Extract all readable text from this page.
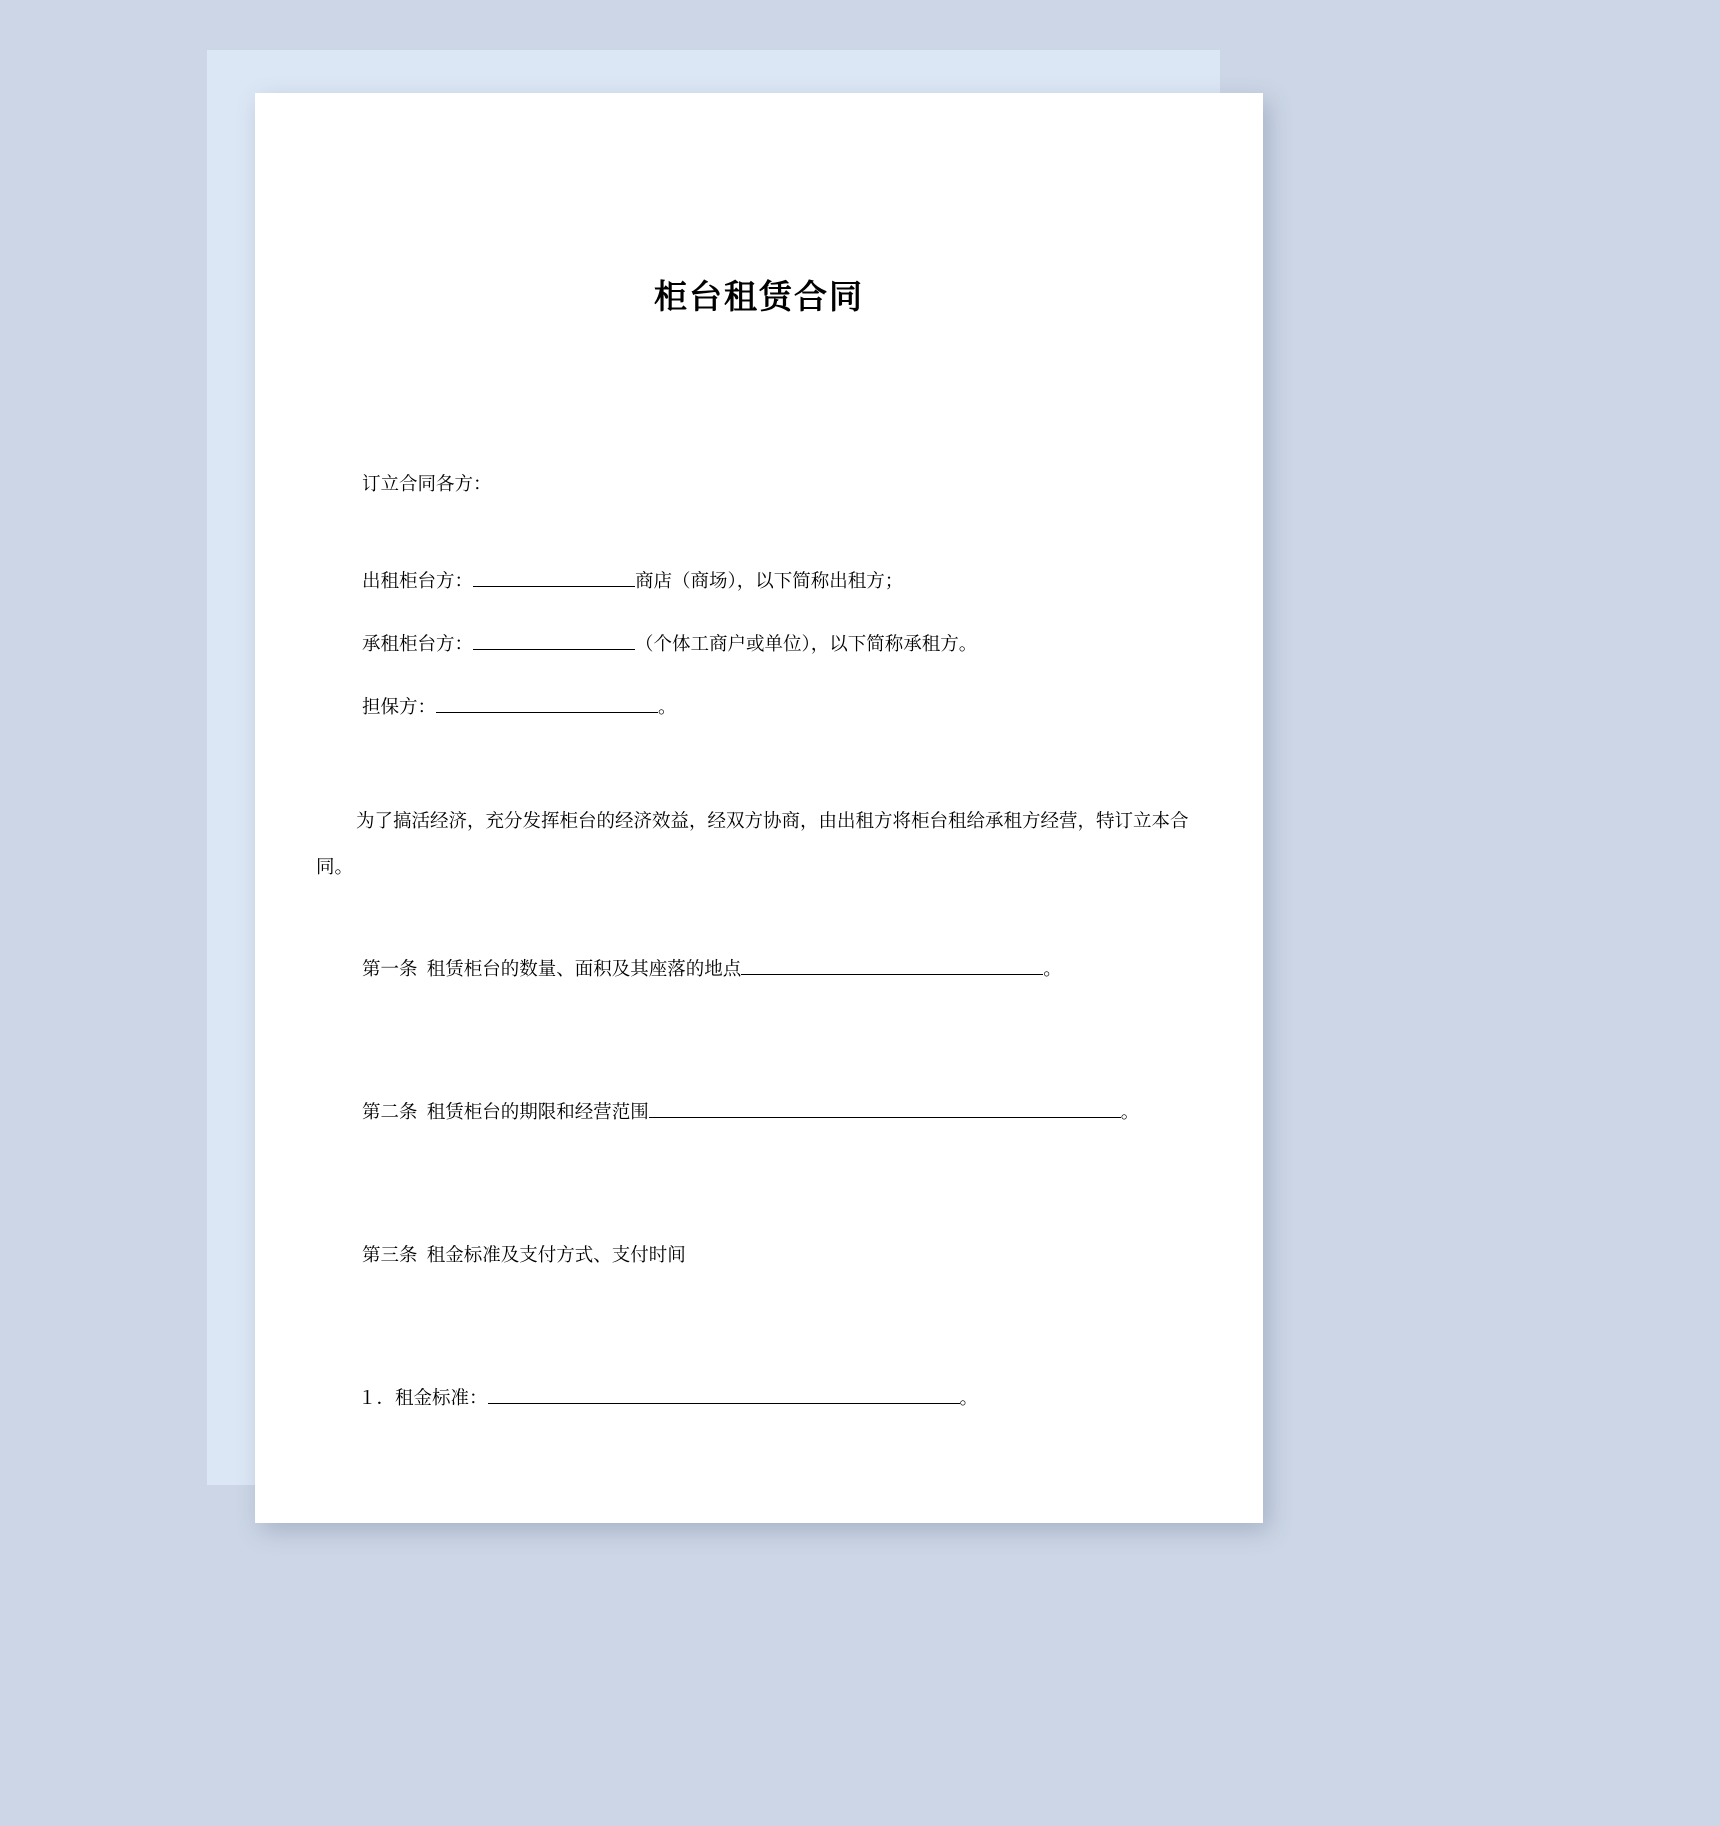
柜台租赁合同
订立合同各方：
出租柜台方：	商店（商场），以下简称出租方；
承租柜台方：	（个体工商户或单位），以下简称承租方。
担保方：	。
为了搞活经济，充分发挥柜台的经济效益，经双方协商，由出租方将柜台租给承租方经营，特订立本合同。
第一条 租赁柜台的数量、面积及其座落的地点	。
第二条 租赁柜台的期限和经营范围	。
第三条 租金标准及支付方式、支付时间
１．租金标准：	。
